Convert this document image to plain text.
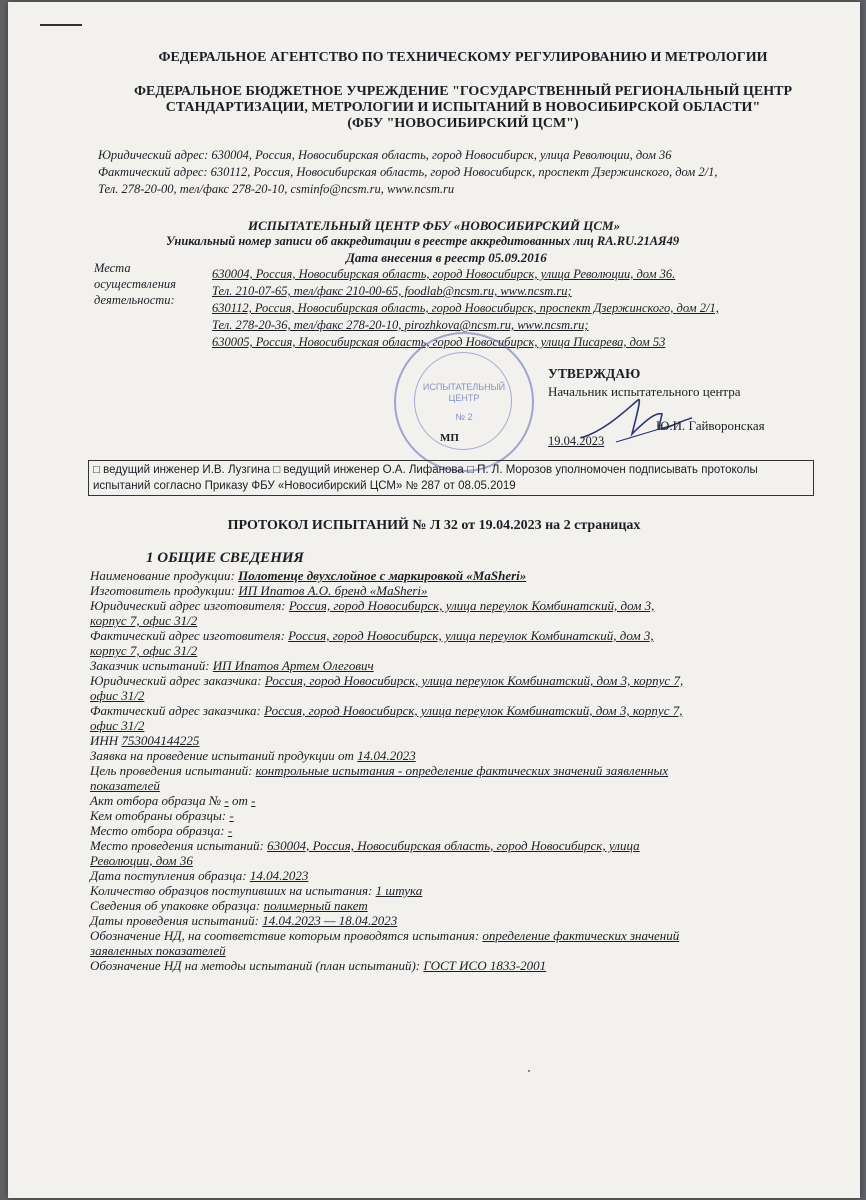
ФЕДЕРАЛЬНОЕ АГЕНТСТВО ПО ТЕХНИЧЕСКОМУ РЕГУЛИРОВАНИЮ И МЕТРОЛОГИИ
ФЕДЕРАЛЬНОЕ БЮДЖЕТНОЕ УЧРЕЖДЕНИЕ "ГОСУДАРСТВЕННЫЙ РЕГИОНАЛЬНЫЙ ЦЕНТР
СТАНДАРТИЗАЦИИ, МЕТРОЛОГИИ И ИСПЫТАНИЙ В НОВОСИБИРСКОЙ ОБЛАСТИ"
(ФБУ "НОВОСИБИРСКИЙ ЦСМ")
Юридический адрес: 630004, Россия, Новосибирская область, город Новосибирск, улица Революции, дом 36
Фактический адрес: 630112, Россия, Новосибирская область, город Новосибирск, проспект Дзержинского, дом 2/1,
Тел. 278-20-00, тел/факс 278-20-10, csminfo@ncsm.ru, www.ncsm.ru
ИСПЫТАТЕЛЬНЫЙ ЦЕНТР ФБУ «НОВОСИБИРСКИЙ ЦСМ»
Уникальный номер записи об аккредитации в реестре аккредитованных лиц RA.RU.21АЯ49
Дата внесения в реестр 05.09.2016
Места
осуществления
деятельности:
630004, Россия, Новосибирская область, город Новосибирск, улица Революции, дом 36.
Тел. 210-07-65, тел/факс 210-00-65, foodlab@ncsm.ru, www.ncsm.ru;
630112, Россия, Новосибирская область, город Новосибирск, проспект Дзержинского, дом 2/1,
Тел. 278-20-36, тел/факс 278-20-10, pirozhkova@ncsm.ru, www.ncsm.ru;
630005, Россия, Новосибирская область, город Новосибирск, улица Писарева, дом 53
ИСПЫТАТЕЛЬНЫЙ
ЦЕНТР
№ 2
МП
УТВЕРЖДАЮ
Начальник испытательного центра
Ю.И. Гайворонская
19.04.2023
□ ведущий инженер И.В. Лузгина □ ведущий инженер О.А. Лифанова □ П. Л. Морозов уполномочен подписывать протоколы испытаний согласно Приказу ФБУ «Новосибирский ЦСМ» № 287 от 08.05.2019
ПРОТОКОЛ ИСПЫТАНИЙ № Л 32 от 19.04.2023 на 2 страницах
1 ОБЩИЕ СВЕДЕНИЯ

Наименование продукции: Полотенце двухслойное с маркировкой «MaSheri»

Изготовитель продукции: ИП Ипатов А.О. бренд «MaSheri»

Юридический адрес изготовителя: Россия, город Новосибирск, улица переулок Комбинатский, дом 3,

корпус 7, офис 31/2

Фактический адрес изготовителя: Россия, город Новосибирск, улица переулок Комбинатский, дом 3,

корпус 7, офис 31/2

Заказчик испытаний: ИП Ипатов Артем Олегович

Юридический адрес заказчика: Россия, город Новосибирск, улица переулок Комбинатский, дом 3, корпус 7,

офис 31/2

Фактический адрес заказчика: Россия, город Новосибирск, улица переулок Комбинатский, дом 3, корпус 7,

офис 31/2

ИНН 753004144225

Заявка на проведение испытаний продукции от 14.04.2023

Цель проведения испытаний: контрольные испытания - определение фактических значений заявленных

показателей

Акт отбора образца № - от -

Кем отобраны образцы: -

Место отбора образца: -

Место проведения испытаний: 630004, Россия, Новосибирская область, город Новосибирск, улица

Революции, дом 36

Дата поступления образца: 14.04.2023

Количество образцов поступивших на испытания: 1 штука

Сведения об упаковке образца: полимерный пакет

Даты проведения испытаний: 14.04.2023 — 18.04.2023

Обозначение НД, на соответствие которым проводятся испытания: определение фактических значений

заявленных показателей

Обозначение НД на методы испытаний (план испытаний): ГОСТ ИСО 1833-2001
